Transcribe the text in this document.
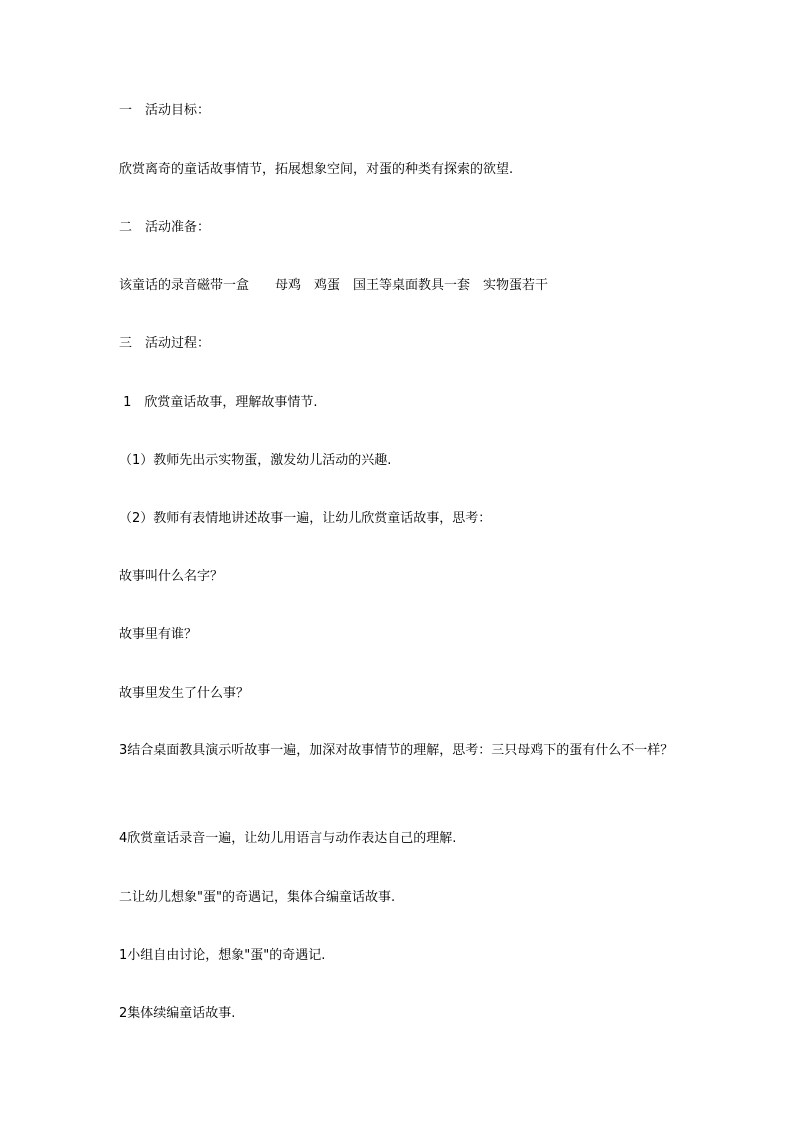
一　活动目标：
欣赏离奇的童话故事情节，拓展想象空间，对蛋的种类有探索的欲望.
二　活动准备：
该童话的录音磁带一盒　　母鸡　鸡蛋　国王等桌面教具一套　实物蛋若干
三　活动过程：
1　欣赏童话故事，理解故事情节.
（1）教师先出示实物蛋，激发幼儿活动的兴趣.
（2）教师有表情地讲述故事一遍，让幼儿欣赏童话故事，思考：
故事叫什么名字？
故事里有谁？
故事里发生了什么事？
3结合桌面教具演示听故事一遍，加深对故事情节的理解，思考：三只母鸡下的蛋有什么不一样？
4欣赏童话录音一遍，让幼儿用语言与动作表达自己的理解.
二让幼儿想象"蛋"的奇遇记，集体合编童话故事.
1小组自由讨论，想象"蛋"的奇遇记.
2集体续编童话故事.
